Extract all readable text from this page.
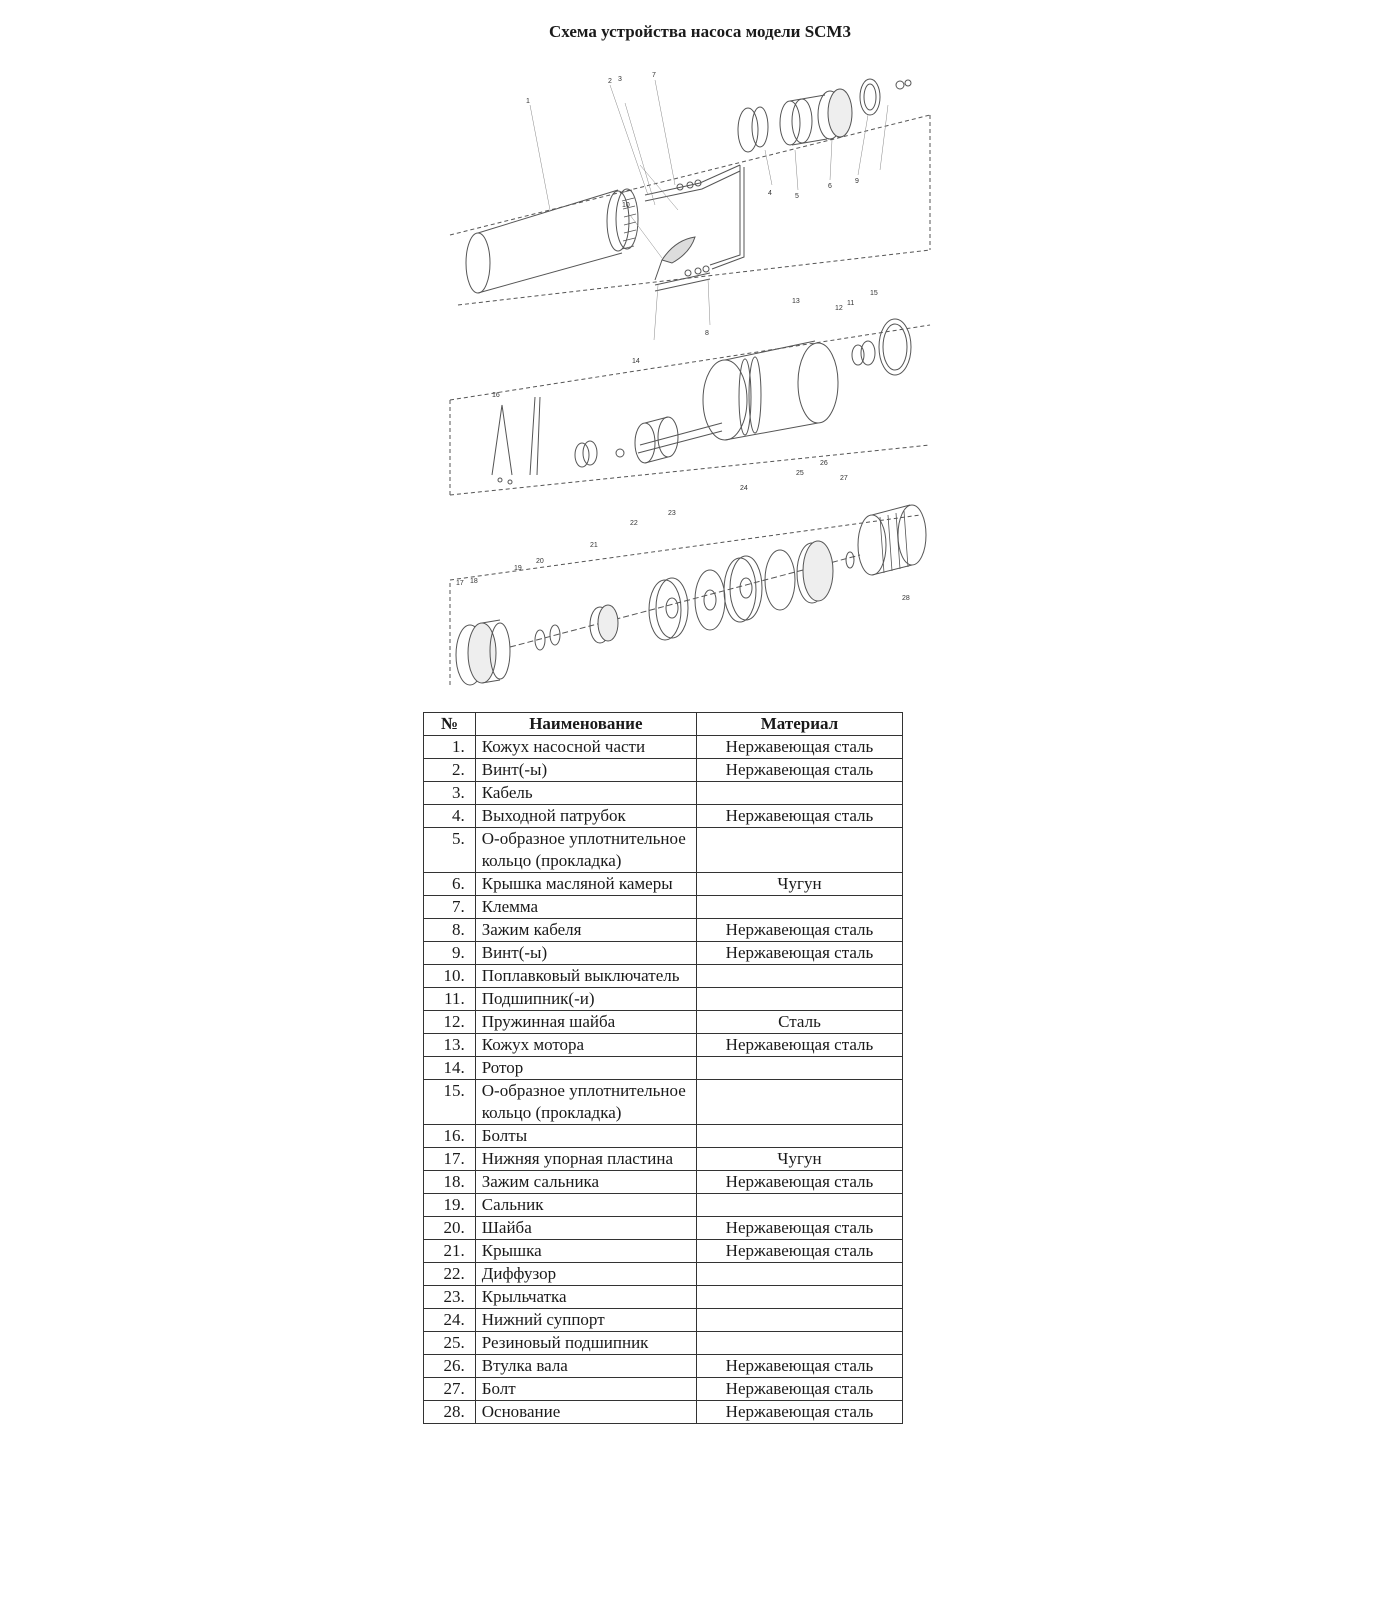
Схема устройства насоса модели SCM3
1
2 3
7
4	5
6
9
10
8
12
11
13
14
15
16
17 18
19
20
21
22
23
24
25
26
27
28
№	Наименование	Материал
1.	Кожух насосной части	Нержавеющая сталь
2.	Винт(-ы)	Нержавеющая сталь
3.	Кабель	
4.	Выходной патрубок	Нержавеющая сталь
5.	О-образное уплотнительное кольцо (прокладка)	
6.	Крышка масляной камеры	Чугун
7.	Клемма	
8.	Зажим кабеля	Нержавеющая сталь
9.	Винт(-ы)	Нержавеющая сталь
10.	Поплавковый выключатель	
11.	Подшипник(-и)	
12.	Пружинная шайба	Сталь
13.	Кожух мотора	Нержавеющая сталь
14.	Ротор	
15.	О-образное уплотнительное кольцо (прокладка)	
16.	Болты	
17.	Нижняя упорная пластина	Чугун
18.	Зажим сальника	Нержавеющая сталь
19.	Сальник	
20.	Шайба	Нержавеющая сталь
21.	Крышка	Нержавеющая сталь
22.	Диффузор	
23.	Крыльчатка	
24.	Нижний суппорт	
25.	Резиновый подшипник	
26.	Втулка вала	Нержавеющая сталь
27.	Болт	Нержавеющая сталь
28.	Основание	Нержавеющая сталь
